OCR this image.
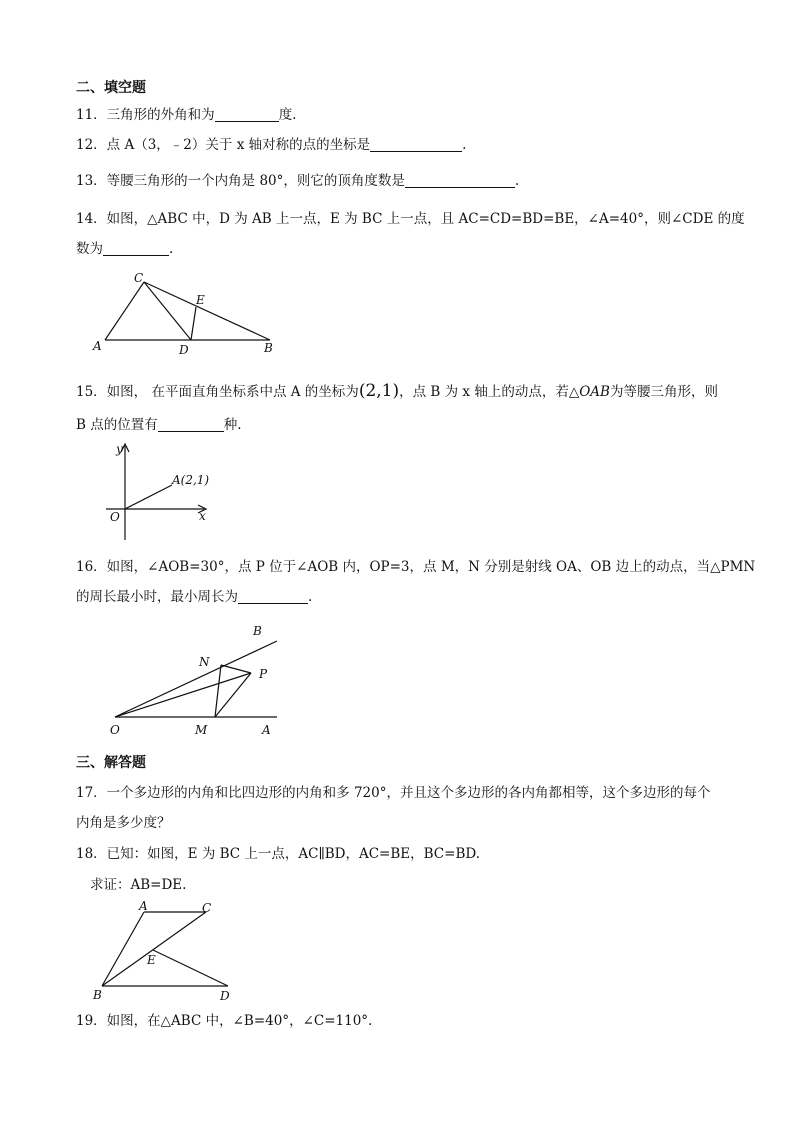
二、填空题
11．三角形的外角和为	度.
12．点 A（3，﹣2）关于 x 轴对称的点的坐标是	.
13．等腰三角形的一个内角是 80°，则它的顶角度数是	.
14．如图，△ABC 中，D 为 AB 上一点，E 为 BC 上一点，且 AC=CD=BD=BE，∠A=40°，则∠CDE 的度
数为	.
C
E
A	D	B
15．如图， 在平面直角坐标系中点 A 的坐标为(2,1)，点 B 为 x 轴上的动点，若△OAB为等腰三角形，则
B 点的位置有	种.
y
x
O
A(2,1)
16．如图，∠AOB=30°，点 P 位于∠AOB 内，OP=3，点 M，N 分别是射线 OA、OB 边上的动点，当△PMN
的周长最小时，最小周长为	.
B
N
P
O	M	A
三、解答题
17．一个多边形的内角和比四边形的内角和多 720°，并且这个多边形的各内角都相等，这个多边形的每个
内角是多少度？
18．已知：如图，E 为 BC 上一点，AC∥BD，AC=BE，BC=BD.
求证：AB=DE.
A	C
E
B	D
19．如图，在△ABC 中，∠B=40°，∠C=110°.
